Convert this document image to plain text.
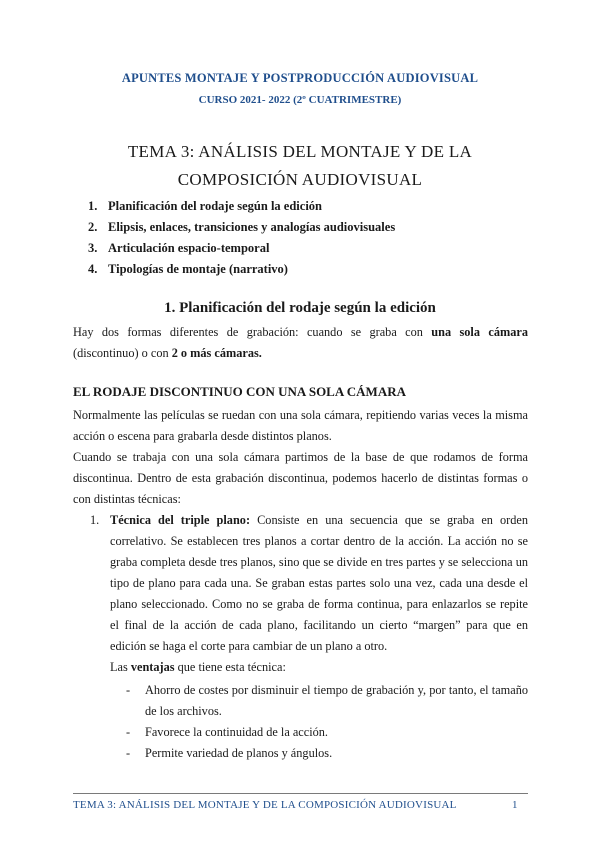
APUNTES MONTAJE Y POSTPRODUCCIÓN AUDIOVISUAL
CURSO 2021- 2022 (2º CUATRIMESTRE)
TEMA 3: ANÁLISIS DEL MONTAJE Y DE LA
COMPOSICIÓN AUDIOVISUAL
1. Planificación del rodaje según la edición
2. Elipsis, enlaces, transiciones y analogías audiovisuales
3. Articulación espacio-temporal
4. Tipologías de montaje (narrativo)
1. Planificación del rodaje según la edición
Hay dos formas diferentes de grabación: cuando se graba con una sola cámara (discontinuo) o con 2 o más cámaras.
EL RODAJE DISCONTINUO CON UNA SOLA CÁMARA
Normalmente las películas se ruedan con una sola cámara, repitiendo varias veces la misma acción o escena para grabarla desde distintos planos.
Cuando se trabaja con una sola cámara partimos de la base de que rodamos de forma discontinua. Dentro de esta grabación discontinua, podemos hacerlo de distintas formas o con distintas técnicas:
1. Técnica del triple plano: Consiste en una secuencia que se graba en orden correlativo. Se establecen tres planos a cortar dentro de la acción. La acción no se graba completa desde tres planos, sino que se divide en tres partes y se selecciona un tipo de plano para cada una. Se graban estas partes solo una vez, cada una desde el plano seleccionado. Como no se graba de forma continua, para enlazarlos se repite el final de la acción de cada plano, facilitando un cierto “margen” para que en edición se haga el corte para cambiar de un plano a otro.
Las ventajas que tiene esta técnica:
- Ahorro de costes por disminuir el tiempo de grabación y, por tanto, el tamaño de los archivos.
- Favorece la continuidad de la acción.
- Permite variedad de planos y ángulos.
TEMA 3: ANÁLISIS DEL MONTAJE Y DE LA COMPOSICIÓN AUDIOVISUAL	1
